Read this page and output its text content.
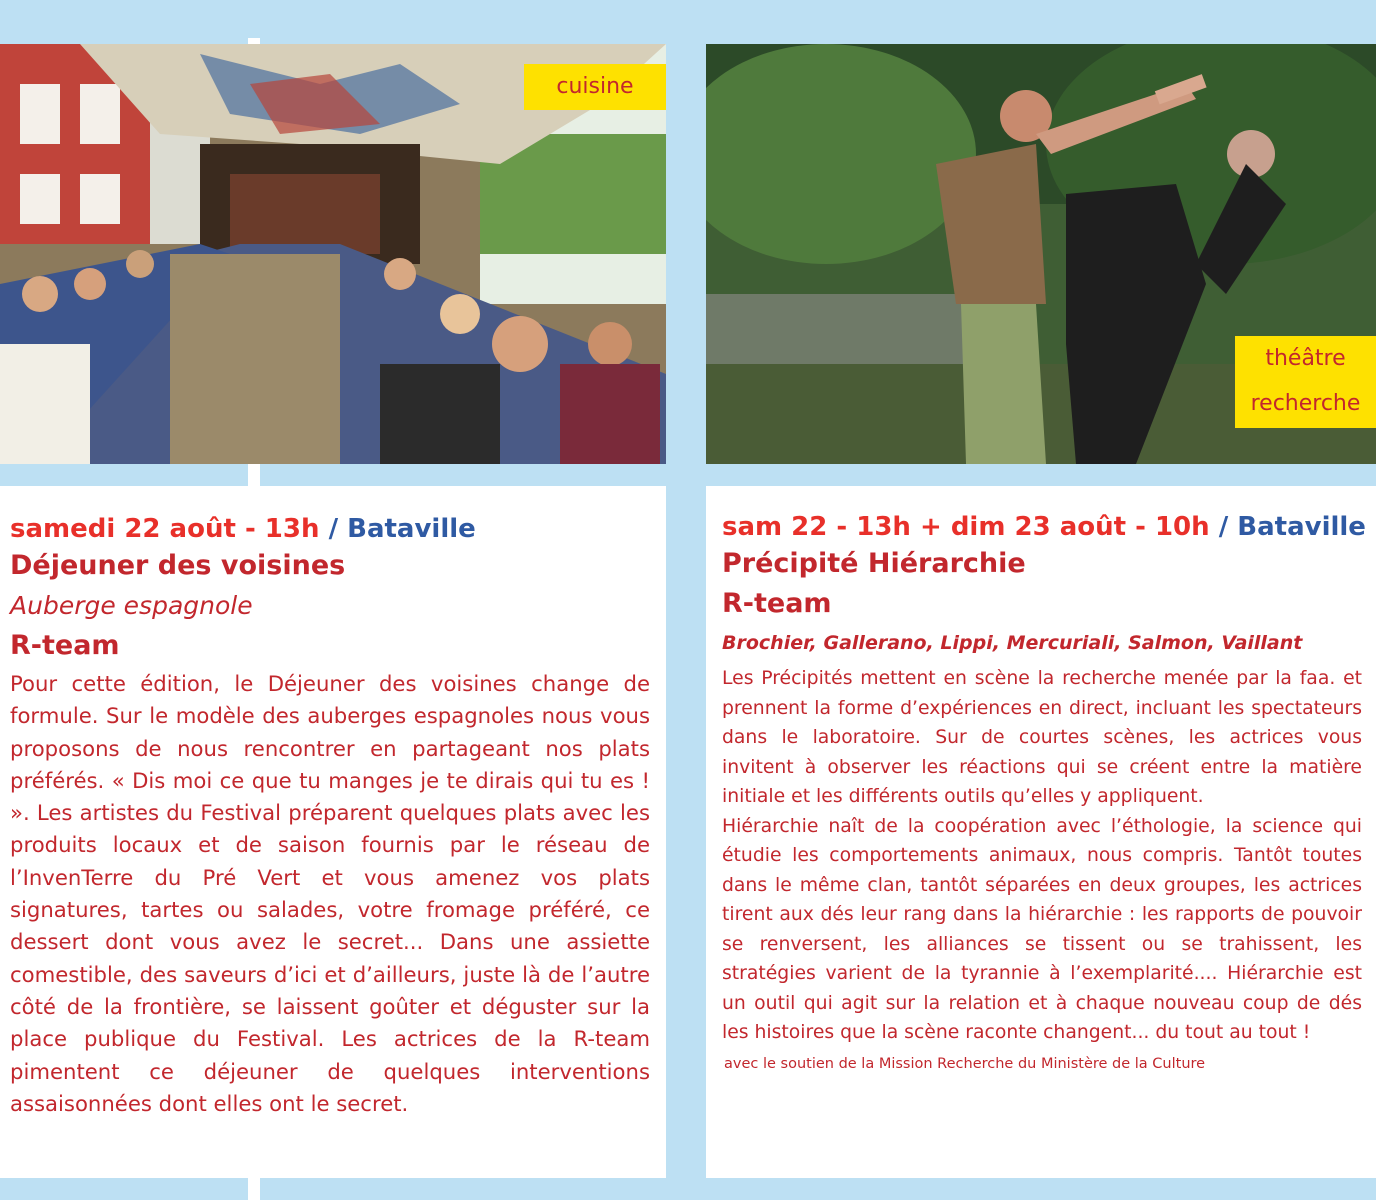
cuisine
théâtre
recherche
samedi 22 août - 13h / Bataville
Déjeuner des voisines
Auberge espagnole
R-team
Pour cette édition, le Déjeuner des voisines change de formule. Sur le modèle des auberges espagnoles nous vous proposons de nous rencontrer en partageant nos plats préférés. « Dis moi ce que tu manges je te dirais qui tu es ! ». Les artistes du Festival préparent quelques plats avec les produits locaux et de saison fournis par le réseau de l’InvenTerre du Pré Vert et vous amenez vos plats signatures, tartes ou salades, votre fromage préféré, ce dessert dont vous avez le secret... Dans une assiette comestible, des saveurs d’ici et d’ailleurs, juste là de l’autre côté de la frontière, se laissent goûter et déguster sur la place publique du Festival. Les actrices de la R-team pimentent ce déjeuner de quelques interventions assaisonnées dont elles ont le secret.
sam 22 - 13h + dim 23 août - 10h / Bataville
Précipité Hiérarchie
R-team
Brochier, Gallerano, Lippi, Mercuriali, Salmon, Vaillant

Les Précipités mettent en scène la recherche menée par la faa. et prennent la forme d’expériences en direct, incluant les spectateurs dans le laboratoire. Sur de courtes scènes, les actrices vous invitent à observer les réactions qui se créent entre la matière initiale et les différents outils qu’elles y appliquent.

Hiérarchie naît de la coopération avec l’éthologie, la science qui étudie les comportements animaux, nous compris. Tantôt toutes dans le même clan, tantôt séparées en deux groupes, les actrices tirent aux dés leur rang dans la hiérarchie : les rapports de pouvoir se renversent, les alliances se tissent ou se trahissent, les stratégies varient de la tyrannie à l’exemplarité.... Hiérarchie est un outil qui agit sur la relation et à chaque nouveau coup de dés les histoires que la scène raconte changent... du tout au tout !

avec le soutien de la Mission Recherche du Ministère de la Culture
